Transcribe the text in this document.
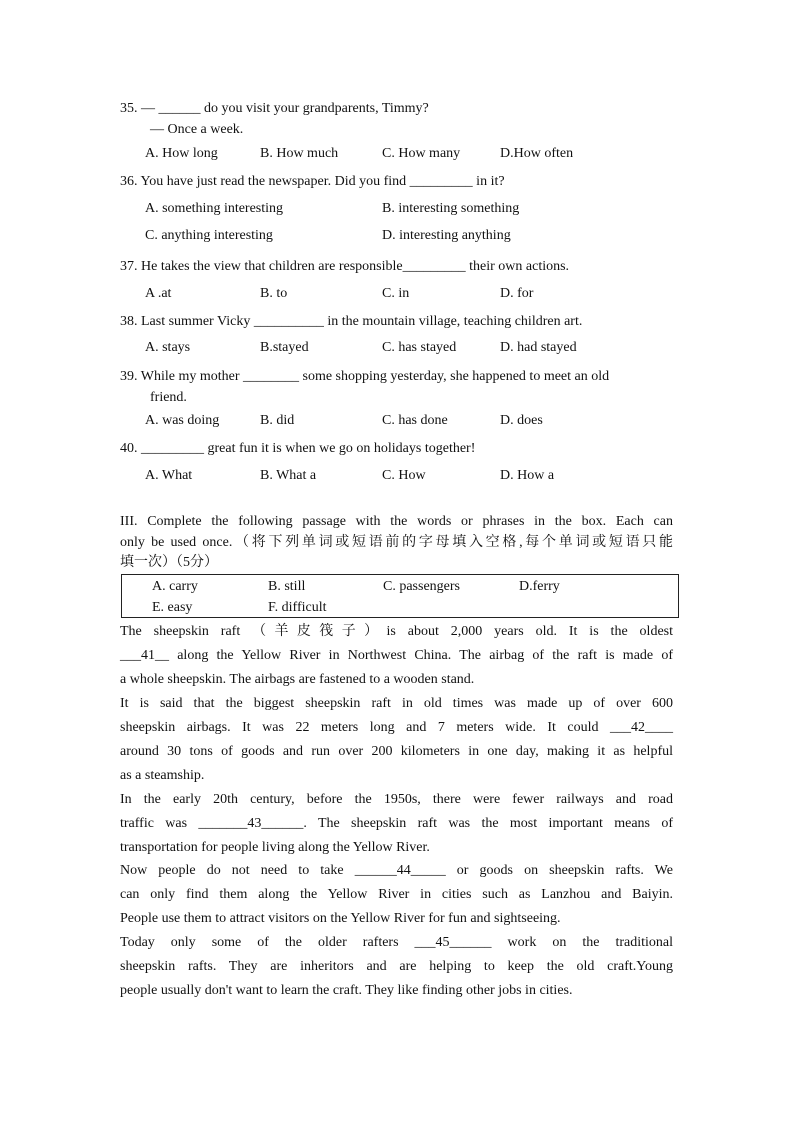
35. — ______ do you visit your grandparents, Timmy?
— Once a week.
A. How long	B. How much	C. How many	D.How often
36. You have just read the newspaper. Did you find _________ in it?
A. something interesting	B. interesting something
C. anything interesting	D. interesting anything
37. He takes the view that children are responsible_________ their own actions.
A .at	B. to	C. in	D. for
38. Last summer Vicky __________ in the mountain village, teaching children art.
A. stays	B.stayed	C. has stayed	D. had stayed
39. While my mother ________ some shopping yesterday, she happened to meet an old
friend.
A. was doing	B. did	C. has done	D. does
40. _________ great fun it is when we go on holidays together!
A. What	B. What a	C. How	D. How a
III. Complete the following passage with the words or phrases in the box. Each can
only be used once.（将下列单词或短语前的字母填入空格,每个单词或短语只能
填一次）（5分）
A. carry	B. still	C. passengers	D.ferry
E. easy	F. difficult
The sheepskin raft （羊皮筏子）is about 2,000 years old. It is the oldest
___41__ along the Yellow River in Northwest China. The airbag of the raft is made of
a whole sheepskin. The airbags are fastened to a wooden stand.
It is said that the biggest sheepskin raft in old times was made up of over 600
sheepskin airbags. It was 22 meters long and 7 meters wide. It could ___42____
around 30 tons of goods and run over 200 kilometers in one day, making it as helpful
as a steamship.
In the early 20th century, before the 1950s, there were fewer railways and road
traffic was _______43______. The sheepskin raft was the most important means of
transportation for people living along the Yellow River.
Now people do not need to take ______44_____ or goods on sheepskin rafts. We
can only find them along the Yellow River in cities such as Lanzhou and Baiyin.
People use them to attract visitors on the Yellow River for fun and sightseeing.
Today only some of the older rafters ___45______ work on the traditional
sheepskin rafts. They are inheritors and are helping to keep the old craft.Young
people usually don't want to learn the craft. They like finding other jobs in cities.
